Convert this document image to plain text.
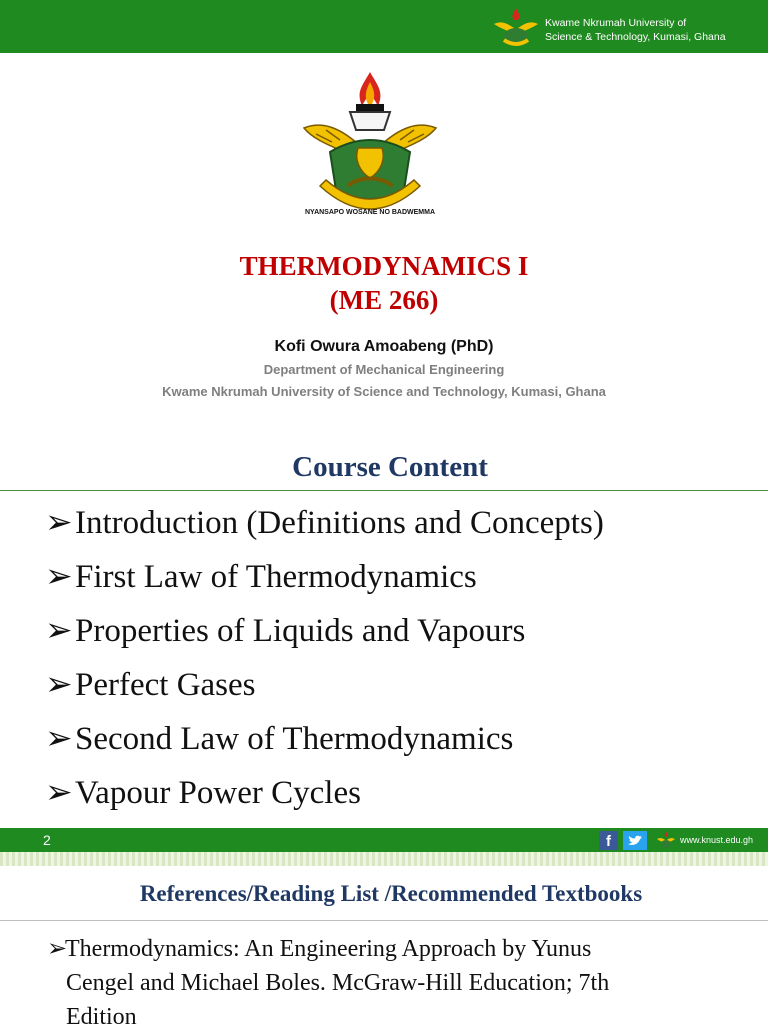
Kwame Nkrumah University of
Science & Technology, Kumasi, Ghana
NYANSAPO WOSANE NO BADWEMMA
THERMODYNAMICS I
(ME 266)
Kofi Owura Amoabeng (PhD)
Department of Mechanical Engineering
Kwame Nkrumah University of Science and Technology, Kumasi, Ghana
Course Content
➢Introduction (Definitions and Concepts)
➢First Law of Thermodynamics
➢Properties of Liquids and Vapours
➢Perfect Gases
➢Second Law of Thermodynamics
➢Vapour Power Cycles
2	f	www.knust.edu.gh
References/Reading List /Recommended Textbooks
➢Thermodynamics: An Engineering Approach by Yunus
Cengel and Michael Boles. McGraw-Hill Education; 7th
Edition
